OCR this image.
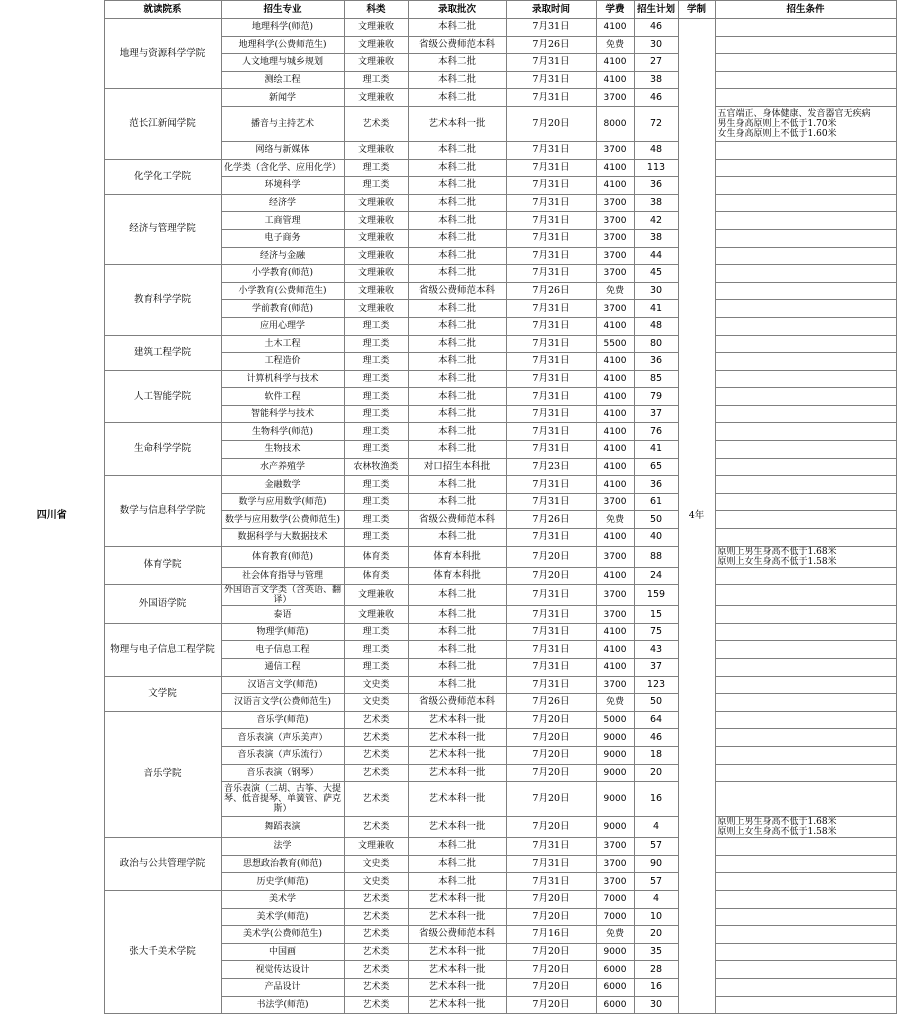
	就读院系	招生专业	科类	录取批次	录取时间	学费	招生计划	学制	招生条件
四川省	地理与资源科学学院	地理科学(师范)	文理兼收	本科二批	7月31日	4100	46	4年	
		地理科学(公费师范生)	文理兼收	省级公费师范本科	7月26日	免费	30		
		人文地理与城乡规划	文理兼收	本科二批	7月31日	4100	27		
		测绘工程	理工类	本科二批	7月31日	4100	38		
	范长江新闻学院	新闻学	文理兼收	本科二批	7月31日	3700	46		
		播音与主持艺术	艺术类	艺术本科一批	7月20日	8000	72		五官端正、身体健康、发音器官无疾病
男生身高原则上不低于1.70米
女生身高原则上不低于1.60米
		网络与新媒体	文理兼收	本科二批	7月31日	3700	48		
	化学化工学院	化学类（含化学、应用化学）	理工类	本科二批	7月31日	4100	113		
		环境科学	理工类	本科二批	7月31日	4100	36		
	经济与管理学院	经济学	文理兼收	本科二批	7月31日	3700	38		
		工商管理	文理兼收	本科二批	7月31日	3700	42		
		电子商务	文理兼收	本科二批	7月31日	3700	38		
		经济与金融	文理兼收	本科二批	7月31日	3700	44		
	教育科学学院	小学教育(师范)	文理兼收	本科二批	7月31日	3700	45		
		小学教育(公费师范生)	文理兼收	省级公费师范本科	7月26日	免费	30		
		学前教育(师范)	文理兼收	本科二批	7月31日	3700	41		
		应用心理学	理工类	本科二批	7月31日	4100	48		
	建筑工程学院	土木工程	理工类	本科二批	7月31日	5500	80		
		工程造价	理工类	本科二批	7月31日	4100	36		
	人工智能学院	计算机科学与技术	理工类	本科二批	7月31日	4100	85		
		软件工程	理工类	本科二批	7月31日	4100	79		
		智能科学与技术	理工类	本科二批	7月31日	4100	37		
	生命科学学院	生物科学(师范)	理工类	本科二批	7月31日	4100	76		
		生物技术	理工类	本科二批	7月31日	4100	41		
		水产养殖学	农林牧渔类	对口招生本科批	7月23日	4100	65		
	数学与信息科学学院	金融数学	理工类	本科二批	7月31日	4100	36		
		数学与应用数学(师范)	理工类	本科二批	7月31日	3700	61		
		数学与应用数学(公费师范生)	理工类	省级公费师范本科	7月26日	免费	50		
		数据科学与大数据技术	理工类	本科二批	7月31日	4100	40		
	体育学院	体育教育(师范)	体育类	体育本科批	7月20日	3700	88		原则上男生身高不低于1.68米
原则上女生身高不低于1.58米
		社会体育指导与管理	体育类	体育本科批	7月20日	4100	24		
	外国语学院	外国语言文学类（含英语、翻译）	文理兼收	本科二批	7月31日	3700	159		
		泰语	文理兼收	本科二批	7月31日	3700	15		
	物理与电子信息工程学院	物理学(师范)	理工类	本科二批	7月31日	4100	75		
		电子信息工程	理工类	本科二批	7月31日	4100	43		
		通信工程	理工类	本科二批	7月31日	4100	37		
	文学院	汉语言文学(师范)	文史类	本科二批	7月31日	3700	123		
		汉语言文学(公费师范生)	文史类	省级公费师范本科	7月26日	免费	50		
	音乐学院	音乐学(师范)	艺术类	艺术本科一批	7月20日	5000	64		
		音乐表演（声乐美声）	艺术类	艺术本科一批	7月20日	9000	46		
		音乐表演（声乐流行）	艺术类	艺术本科一批	7月20日	9000	18		
		音乐表演（钢琴）	艺术类	艺术本科一批	7月20日	9000	20		
		音乐表演（二胡、古筝、大提琴、低音提琴、单簧管、萨克斯）	艺术类	艺术本科一批	7月20日	9000	16		
		舞蹈表演	艺术类	艺术本科一批	7月20日	9000	4		原则上男生身高不低于1.68米
原则上女生身高不低于1.58米
	政治与公共管理学院	法学	文理兼收	本科二批	7月31日	3700	57		
		思想政治教育(师范)	文史类	本科二批	7月31日	3700	90		
		历史学(师范)	文史类	本科二批	7月31日	3700	57		
	张大千美术学院	美术学	艺术类	艺术本科一批	7月20日	7000	4		
		美术学(师范)	艺术类	艺术本科一批	7月20日	7000	10		
		美术学(公费师范生)	艺术类	省级公费师范本科	7月16日	免费	20		
		中国画	艺术类	艺术本科一批	7月20日	9000	35		
		视觉传达设计	艺术类	艺术本科一批	7月20日	6000	28		
		产品设计	艺术类	艺术本科一批	7月20日	6000	16		
		书法学(师范)	艺术类	艺术本科一批	7月20日	6000	30		
